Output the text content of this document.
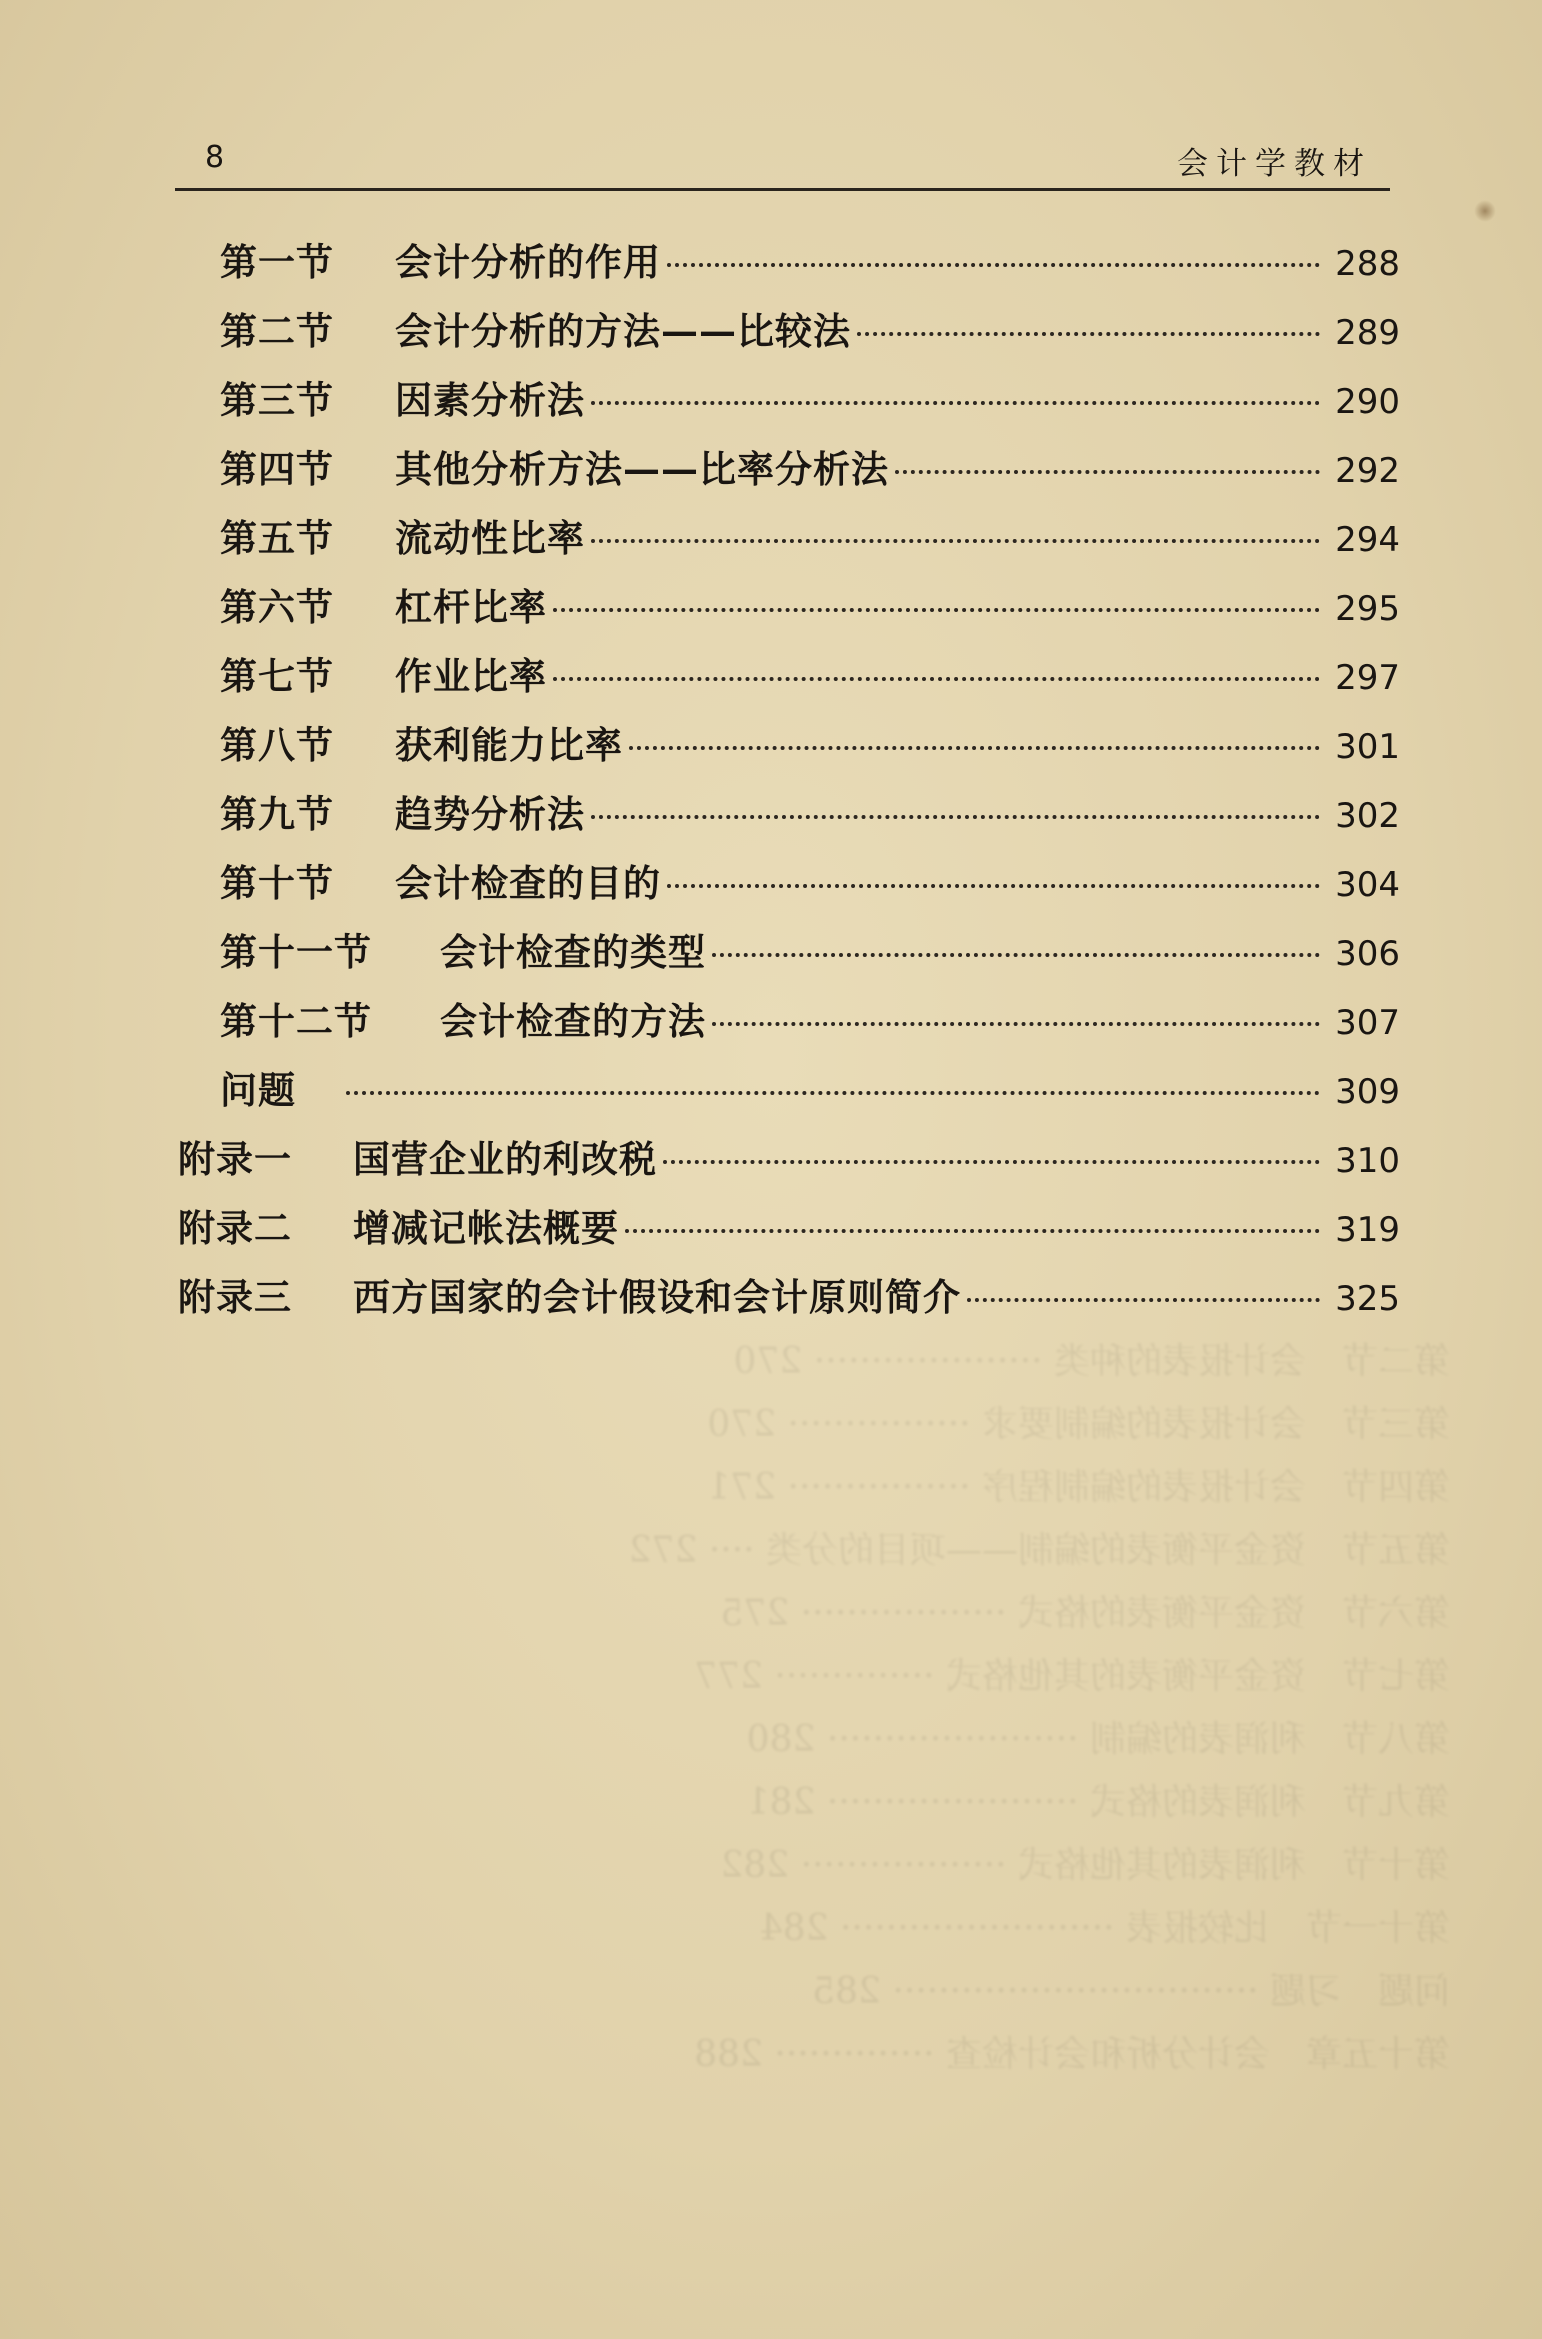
第二节　会计报表的种类 ···················· 270
第三节　会计报表的编制要求 ················ 270
第四节　会计报表的编制程序 ················ 271
第五节　资金平衡表的编制——项目的分类 ···· 272
第六节　资金平衡表的格式 ·················· 275
第七节　资金平衡表的其他格式 ·············· 277
第八节　利润表的编制 ······················ 280
第九节　利润表的格式 ······················ 281
第十节　利润表的其他格式 ·················· 282
第十一节　比较报表 ························ 284
问题　习题 ································ 285
第十五章　会计分析和会计检查 ·············· 288
8	会计学教材
第一节	会计分析的作用	288
第二节	会计分析的方法——比较法	289
第三节	因素分析法	290
第四节	其他分析方法——比率分析法	292
第五节	流动性比率	294
第六节	杠杆比率	295
第七节	作业比率	297
第八节	获利能力比率	301
第九节	趋势分析法	302
第十节	会计检查的目的	304
第十一节	会计检查的类型	306
第十二节	会计检查的方法	307
问题	309
附录一	国营企业的利改税	310
附录二	增减记帐法概要	319
附录三	西方国家的会计假设和会计原则简介	325
